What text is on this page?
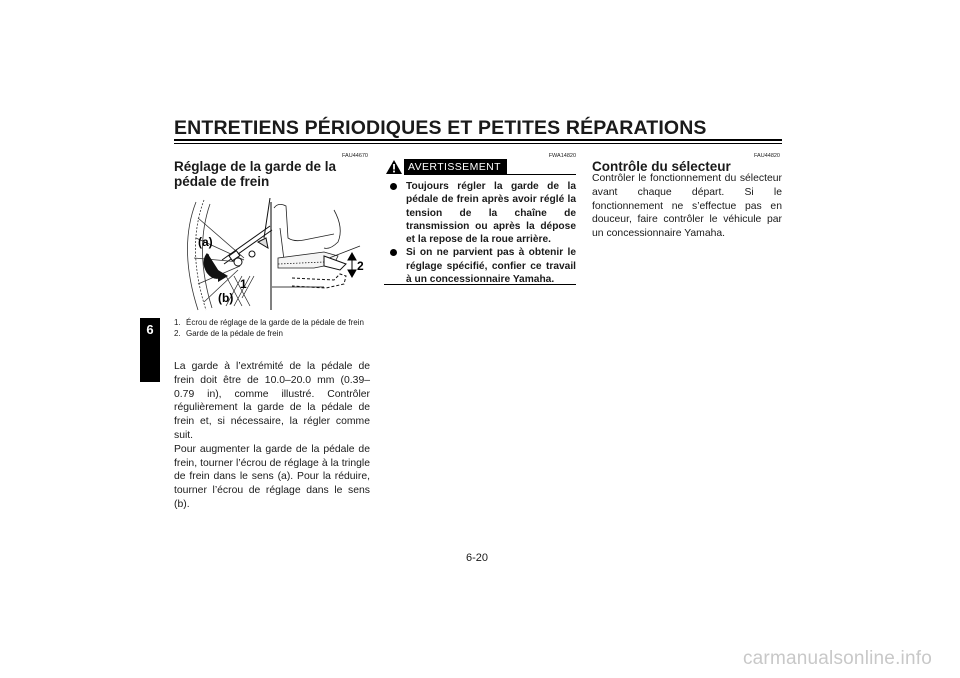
ENTRETIENS PÉRIODIQUES ET PETITES RÉPARATIONS
6
FAU44670
Réglage de la garde de la pédale de frein
(a)
(b)
1
2
1. Écrou de réglage de la garde de la pédale de frein
2. Garde de la pédale de frein

La garde à l’extrémité de la pédale de frein doit être de 10.0–20.0 mm (0.39–0.79 in), comme illustré. Contrôler régulièrement la garde de la pédale de frein et, si nécessaire, la régler comme suit.

Pour augmenter la garde de la pédale de frein, tourner l’écrou de réglage à la tringle de frein dans le sens (a). Pour la réduire, tourner l’écrou de réglage dans le sens (b).

FWA14820
AVERTISSEMENT
Toujours régler la garde de la pédale de frein après avoir réglé la tension de la chaîne de transmission ou après la dépose et la repose de la roue arrière.
Si on ne parvient pas à obtenir le réglage spécifié, confier ce travail à un concessionnaire Yamaha.
FAU44820
Contrôle du sélecteur

Contrôler le fonctionnement du sélecteur avant chaque départ. Si le fonctionnement ne s’effectue pas en douceur, faire contrôler le véhicule par un concessionnaire Yamaha.

6-20
carmanualsonline.info
